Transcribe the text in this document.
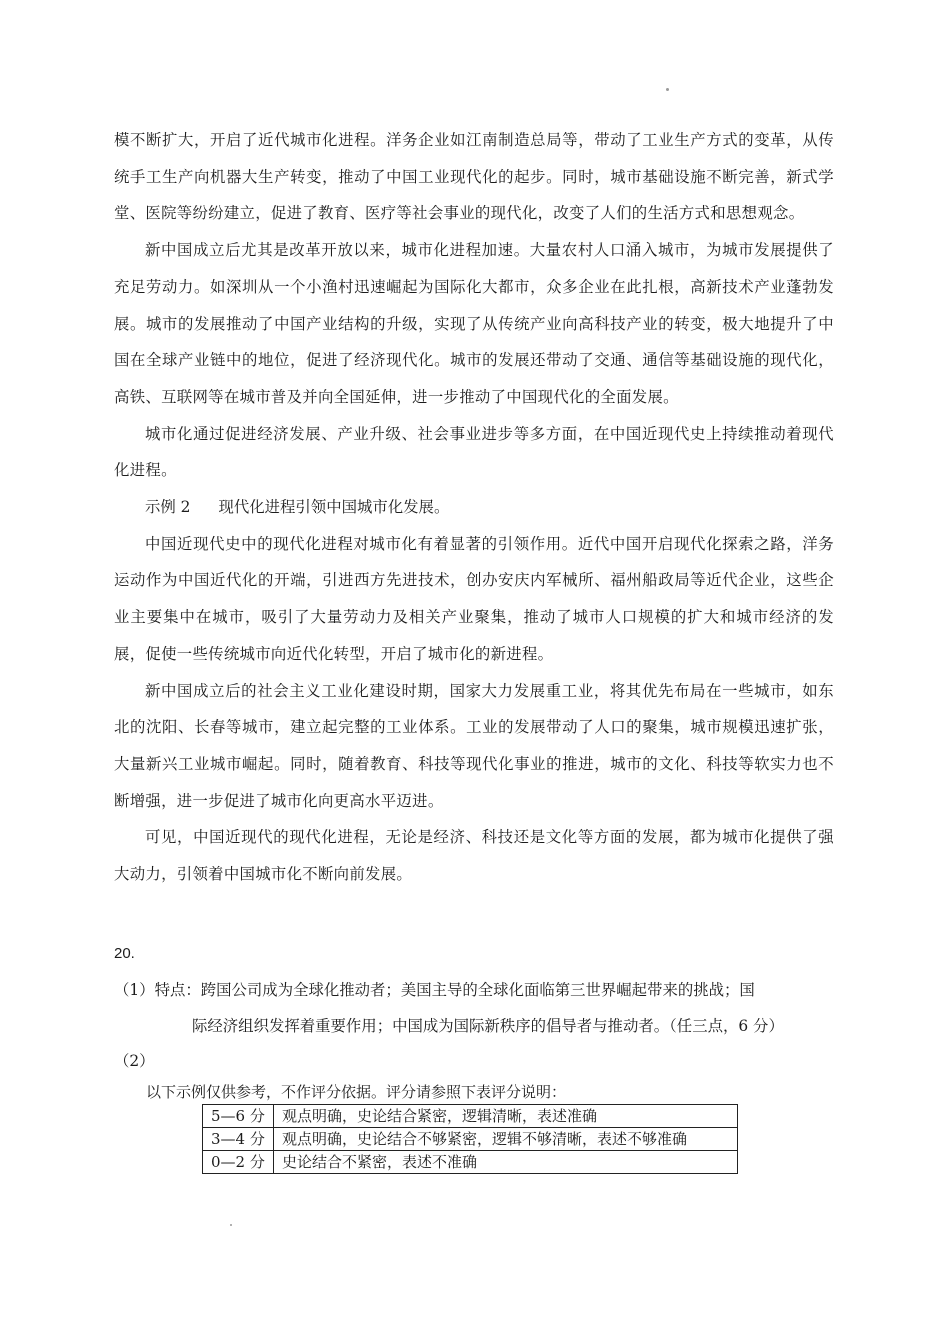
模不断扩大，开启了近代城市化进程。洋务企业如江南制造总局等，带动了工业生产方式的变革，从传统手工生产向机器大生产转变，推动了中国工业现代化的起步。同时，城市基础设施不断完善，新式学堂、医院等纷纷建立，促进了教育、医疗等社会事业的现代化，改变了人们的生活方式和思想观念。

新中国成立后尤其是改革开放以来，城市化进程加速。大量农村人口涌入城市，为城市发展提供了充足劳动力。如深圳从一个小渔村迅速崛起为国际化大都市，众多企业在此扎根，高新技术产业蓬勃发展。城市的发展推动了中国产业结构的升级，实现了从传统产业向高科技产业的转变，极大地提升了中国在全球产业链中的地位，促进了经济现代化。城市的发展还带动了交通、通信等基础设施的现代化，高铁、互联网等在城市普及并向全国延伸，进一步推动了中国现代化的全面发展。

城市化通过促进经济发展、产业升级、社会事业进步等多方面，在中国近现代史上持续推动着现代化进程。

示例 2 现代化进程引领中国城市化发展。

中国近现代史中的现代化进程对城市化有着显著的引领作用。近代中国开启现代化探索之路，洋务运动作为中国近代化的开端，引进西方先进技术，创办安庆内军械所、福州船政局等近代企业，这些企业主要集中在城市，吸引了大量劳动力及相关产业聚集，推动了城市人口规模的扩大和城市经济的发展，促使一些传统城市向近代化转型，开启了城市化的新进程。

新中国成立后的社会主义工业化建设时期，国家大力发展重工业，将其优先布局在一些城市，如东北的沈阳、长春等城市，建立起完整的工业体系。工业的发展带动了人口的聚集，城市规模迅速扩张，大量新兴工业城市崛起。同时，随着教育、科技等现代化事业的推进，城市的文化、科技等软实力也不断增强，进一步促进了城市化向更高水平迈进。

可见，中国近现代的现代化进程，无论是经济、科技还是文化等方面的发展，都为城市化提供了强大动力，引领着中国城市化不断向前发展。

20.

（1）特点：跨国公司成为全球化推动者；美国主导的全球化面临第三世界崛起带来的挑战；国

际经济组织发挥着重要作用；中国成为国际新秩序的倡导者与推动者。（任三点，6 分）

（2）
以下示例仅供参考，不作评分依据。评分请参照下表评分说明：
5—6 分	观点明确，史论结合紧密，逻辑清晰，表述准确
3—4 分	观点明确，史论结合不够紧密，逻辑不够清晰，表述不够准确
0—2 分	史论结合不紧密，表述不准确
